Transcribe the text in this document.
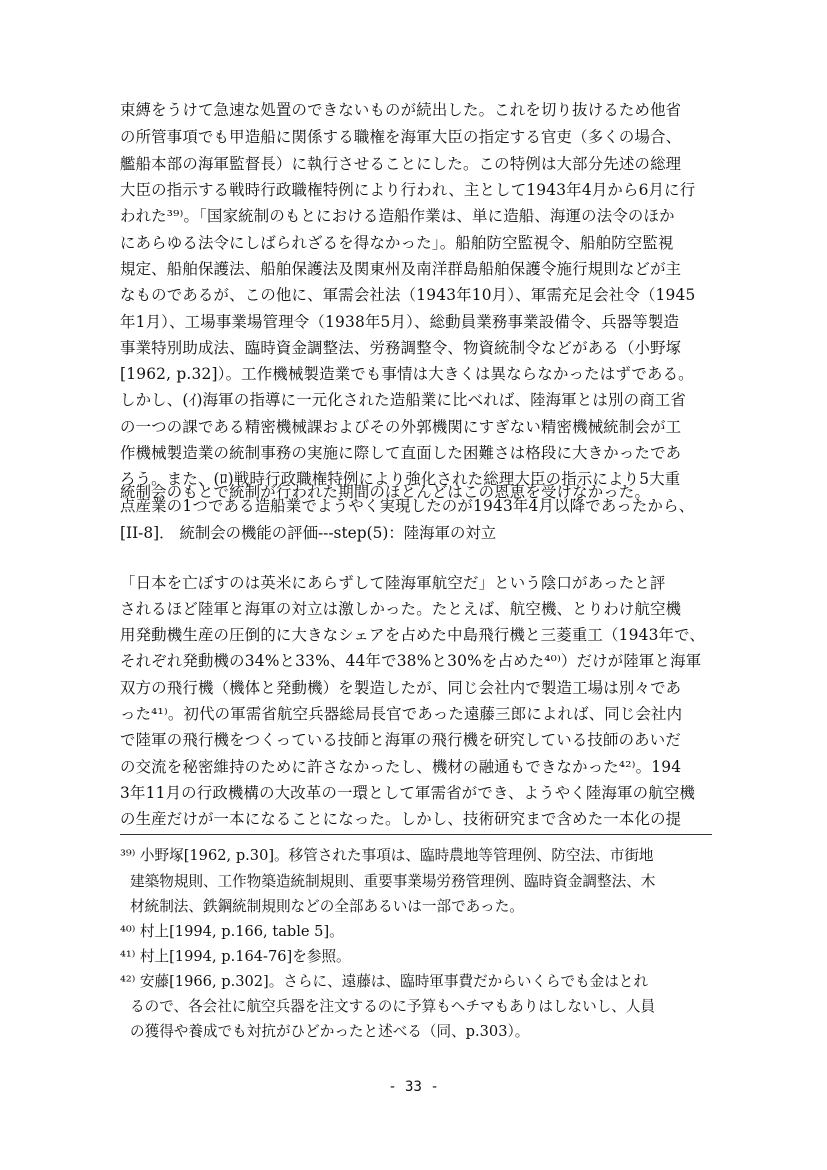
束縛をうけて急速な処置のできないものが続出した。これを切り抜けるため他省
の所管事項でも甲造船に関係する職権を海軍大臣の指定する官吏（多くの場合、
艦船本部の海軍監督長）に執行させることにした。この特例は大部分先述の総理
大臣の指示する戦時行政職権特例により行われ、主として1943年4月から6月に行
われた³⁹⁾。「国家統制のもとにおける造船作業は、単に造船、海運の法令のほか
にあらゆる法令にしばられざるを得なかった」。船舶防空監視令、船舶防空監視
規定、船舶保護法、船舶保護法及関東州及南洋群島船舶保護令施行規則などが主
なものであるが、この他に、軍需会社法（1943年10月）、軍需充足会社令（1945
年1月）、工場事業場管理令（1938年5月）、総動員業務事業設備令、兵器等製造
事業特別助成法、臨時資金調整法、労務調整令、物資統制令などがある（小野塚
[1962, p.32]）。工作機械製造業でも事情は大きくは異ならなかったはずである。
しかし、(ｲ)海軍の指導に一元化された造船業に比べれば、陸海軍とは別の商工省
の一つの課である精密機械課およびその外郭機関にすぎない精密機械統制会が工
作機械製造業の統制事務の実施に際して直面した困難さは格段に大きかったであ
ろう。また、(ﾛ)戦時行政職権特例により強化された総理大臣の指示により5大重
点産業の1つである造船業でようやく実現したのが1943年4月以降であったから、
[II-8]． 統制会の機能の評価---step(5)：陸海軍の対立
「日本を亡ぼすのは英米にあらずして陸海軍航空だ」という陰口があったと評
されるほど陸軍と海軍の対立は激しかった。たとえば、航空機、とりわけ航空機
用発動機生産の圧倒的に大きなシェアを占めた中島飛行機と三菱重工（1943年で、
それぞれ発動機の34%と33%、44年で38%と30%を占めた⁴⁰⁾）だけが陸軍と海軍
双方の飛行機（機体と発動機）を製造したが、同じ会社内で製造工場は別々であ
った⁴¹⁾。初代の軍需省航空兵器総局長官であった遠藤三郎によれば、同じ会社内
で陸軍の飛行機をつくっている技師と海軍の飛行機を研究している技師のあいだ
の交流を秘密維持のために許さなかったし、機材の融通もできなかった⁴²⁾。194
3年11月の行政機構の大改革の一環として軍需省ができ、ようやく陸海軍の航空機
の生産だけが一本になることになった。しかし、技術研究まで含めた一本化の提
³⁹⁾ 小野塚[1962, p.30]。移管された事項は、臨時農地等管理例、防空法、市街地
建築物規則、工作物築造統制規則、重要事業場労務管理例、臨時資金調整法、木
材統制法、鉄鋼統制規則などの全部あるいは一部であった。
⁴⁰⁾ 村上[1994, p.166, table 5]。
⁴¹⁾ 村上[1994, p.164-76]を参照。
⁴²⁾ 安藤[1966, p.302]。さらに、遠藤は、臨時軍事費だからいくらでも金はとれ
るので、各会社に航空兵器を注文するのに予算もヘチマもありはしないし、人員
の獲得や養成でも対抗がひどかったと述べる（同、p.303）。
- 33 -
統制会のもとで統制が行われた期間のほとんどはこの恩恵を受けなかった。
